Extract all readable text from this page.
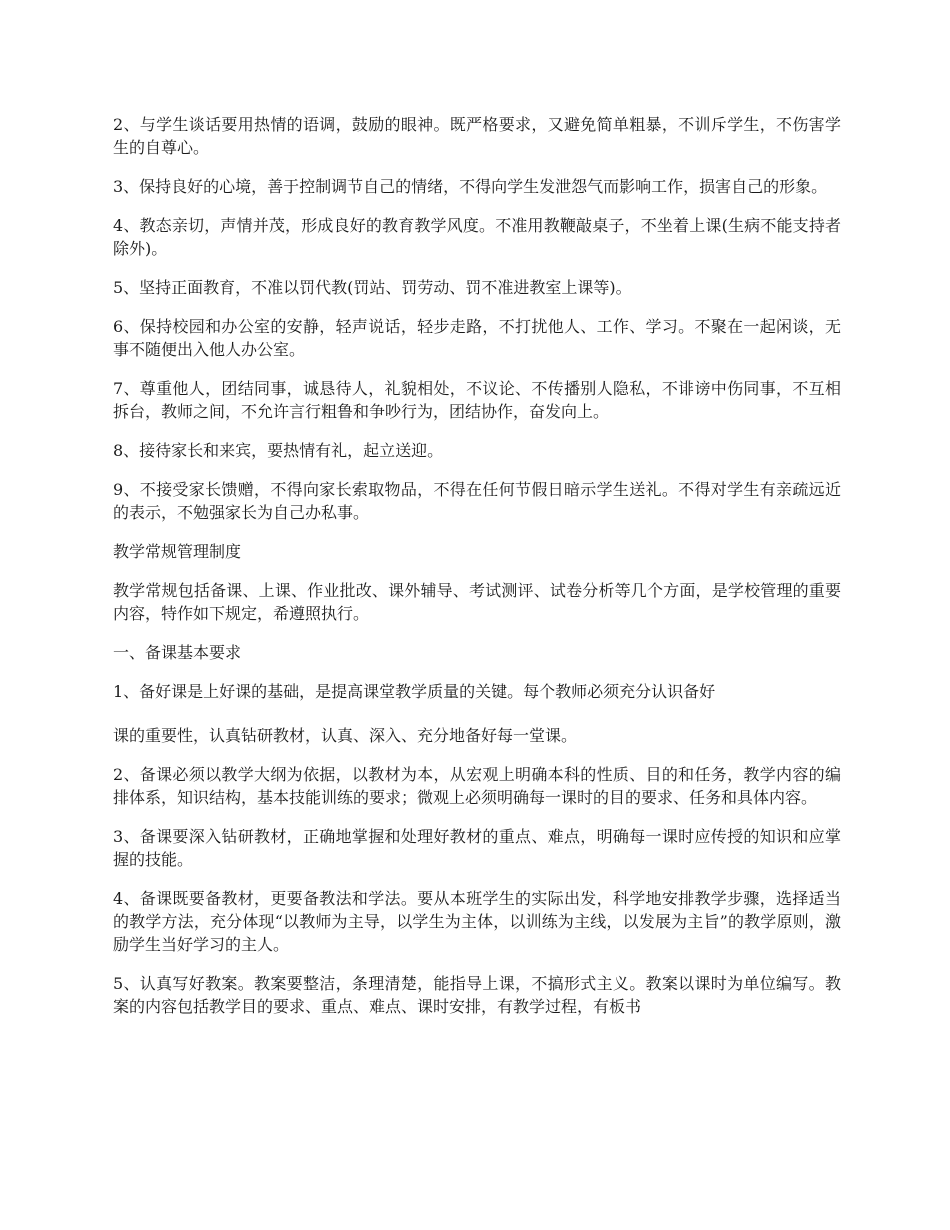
2、与学生谈话要用热情的语调，鼓励的眼神。既严格要求，又避免简单粗暴，不训斥学生，不伤害学生的自尊心。

3、保持良好的心境，善于控制调节自己的情绪，不得向学生发泄怨气而影响工作，损害自己的形象。

4、教态亲切，声情并茂，形成良好的教育教学风度。不准用教鞭敲桌子，不坐着上课(生病不能支持者除外)。

5、坚持正面教育，不准以罚代教(罚站、罚劳动、罚不准进教室上课等)。

6、保持校园和办公室的安静，轻声说话，轻步走路，不打扰他人、工作、学习。不聚在一起闲谈，无事不随便出入他人办公室。

7、尊重他人，团结同事，诚恳待人，礼貌相处，不议论、不传播别人隐私，不诽谤中伤同事，不互相拆台，教师之间，不允许言行粗鲁和争吵行为，团结协作，奋发向上。

8、接待家长和来宾，要热情有礼，起立送迎。

9、不接受家长馈赠，不得向家长索取物品，不得在任何节假日暗示学生送礼。不得对学生有亲疏远近的表示，不勉强家长为自己办私事。

教学常规管理制度

教学常规包括备课、上课、作业批改、课外辅导、考试测评、试卷分析等几个方面，是学校管理的重要内容，特作如下规定，希遵照执行。

一、备课基本要求

1、备好课是上好课的基础，是提高课堂教学质量的关键。每个教师必须充分认识备好

课的重要性，认真钻研教材，认真、深入、充分地备好每一堂课。

2、备课必须以教学大纲为依据，以教材为本，从宏观上明确本科的性质、目的和任务，教学内容的编排体系，知识结构，基本技能训练的要求；微观上必须明确每一课时的目的要求、任务和具体内容。

3、备课要深入钻研教材，正确地掌握和处理好教材的重点、难点，明确每一课时应传授的知识和应掌握的技能。

4、备课既要备教材，更要备教法和学法。要从本班学生的实际出发，科学地安排教学步骤，选择适当的教学方法，充分体现“以教师为主导，以学生为主体，以训练为主线，以发展为主旨”的教学原则，激励学生当好学习的主人。

5、认真写好教案。教案要整洁，条理清楚，能指导上课，不搞形式主义。教案以课时为单位编写。教案的内容包括教学目的要求、重点、难点、课时安排，有教学过程，有板书
